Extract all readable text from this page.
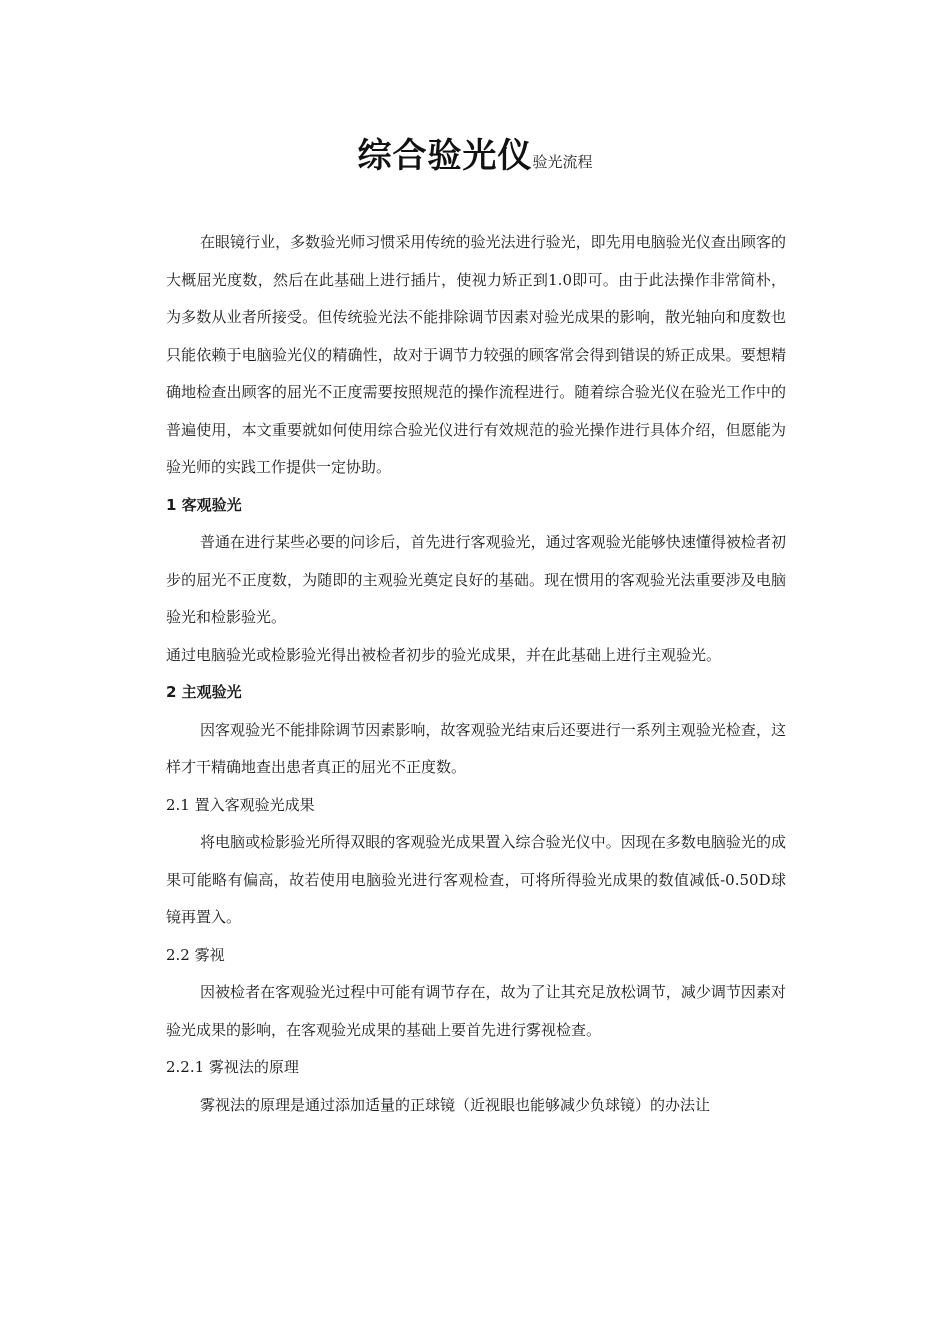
综合验光仪验光流程

在眼镜行业，多数验光师习惯采用传统的验光法进行验光，即先用电脑验光仪查出顾客的大概屈光度数，然后在此基础上进行插片，使视力矫正到1.0即可。由于此法操作非常简朴，为多数从业者所接受。但传统验光法不能排除调节因素对验光成果的影响，散光轴向和度数也只能依赖于电脑验光仪的精确性，故对于调节力较强的顾客常会得到错误的矫正成果。要想精确地检查出顾客的屈光不正度需要按照规范的操作流程进行。随着综合验光仪在验光工作中的普遍使用，本文重要就如何使用综合验光仪进行有效规范的验光操作进行具体介绍，但愿能为验光师的实践工作提供一定协助。

1 客观验光

普通在进行某些必要的问诊后，首先进行客观验光，通过客观验光能够快速懂得被检者初步的屈光不正度数，为随即的主观验光奠定良好的基础。现在惯用的客观验光法重要涉及电脑验光和检影验光。

通过电脑验光或检影验光得出被检者初步的验光成果，并在此基础上进行主观验光。

2 主观验光

因客观验光不能排除调节因素影响，故客观验光结束后还要进行一系列主观验光检查，这样才干精确地查出患者真正的屈光不正度数。

2.1 置入客观验光成果

将电脑或检影验光所得双眼的客观验光成果置入综合验光仪中。因现在多数电脑验光的成果可能略有偏高，故若使用电脑验光进行客观检查，可将所得验光成果的数值减低-0.50D球镜再置入。

2.2 雾视

因被检者在客观验光过程中可能有调节存在，故为了让其充足放松调节，减少调节因素对验光成果的影响，在客观验光成果的基础上要首先进行雾视检查。

2.2.1 雾视法的原理

雾视法的原理是通过添加适量的正球镜（近视眼也能够减少负球镜）的办法让
